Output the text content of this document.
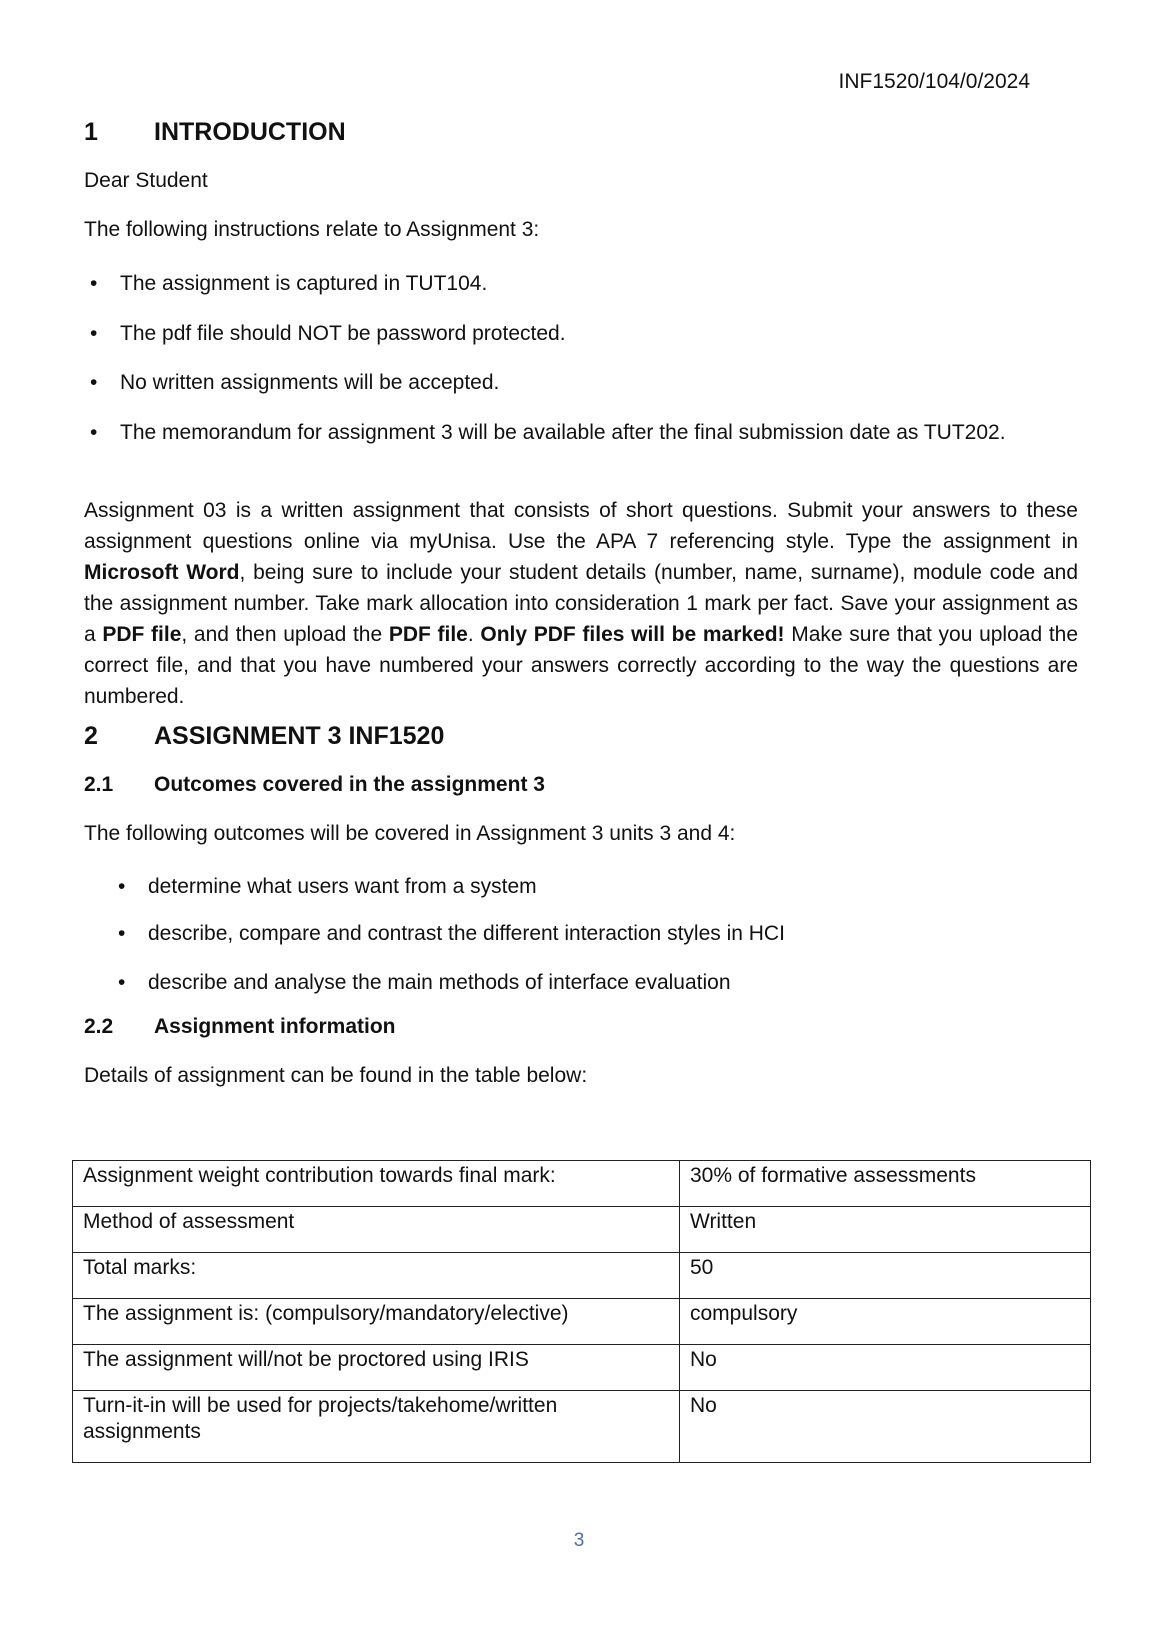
INF1520/104/0/2024
1 INTRODUCTION
Dear Student
The following instructions relate to Assignment 3:
• The assignment is captured in TUT104.
• The pdf file should NOT be password protected.
• No written assignments will be accepted.
• The memorandum for assignment 3 will be available after the final submission date as TUT202.
Assignment 03 is a written assignment that consists of short questions. Submit your answers to these assignment questions online via myUnisa. Use the APA 7 referencing style. Type the assignment in Microsoft Word, being sure to include your student details (number, name, surname), module code and the assignment number. Take mark allocation into consideration 1 mark per fact. Save your assignment as a PDF file, and then upload the PDF file. Only PDF files will be marked! Make sure that you upload the correct file, and that you have numbered your answers correctly according to the way the questions are numbered.
2 ASSIGNMENT 3 INF1520
2.1 Outcomes covered in the assignment 3
The following outcomes will be covered in Assignment 3 units 3 and 4:
• determine what users want from a system
• describe, compare and contrast the different interaction styles in HCI
• describe and analyse the main methods of interface evaluation
2.2 Assignment information
Details of assignment can be found in the table below:
Assignment weight contribution towards final mark:	30% of formative assessments
Method of assessment	Written
Total marks:	50
The assignment is: (compulsory/mandatory/elective)	compulsory
The assignment will/not be proctored using IRIS	No
Turn-it-in will be used for projects/takehome/written assignments	No
3
